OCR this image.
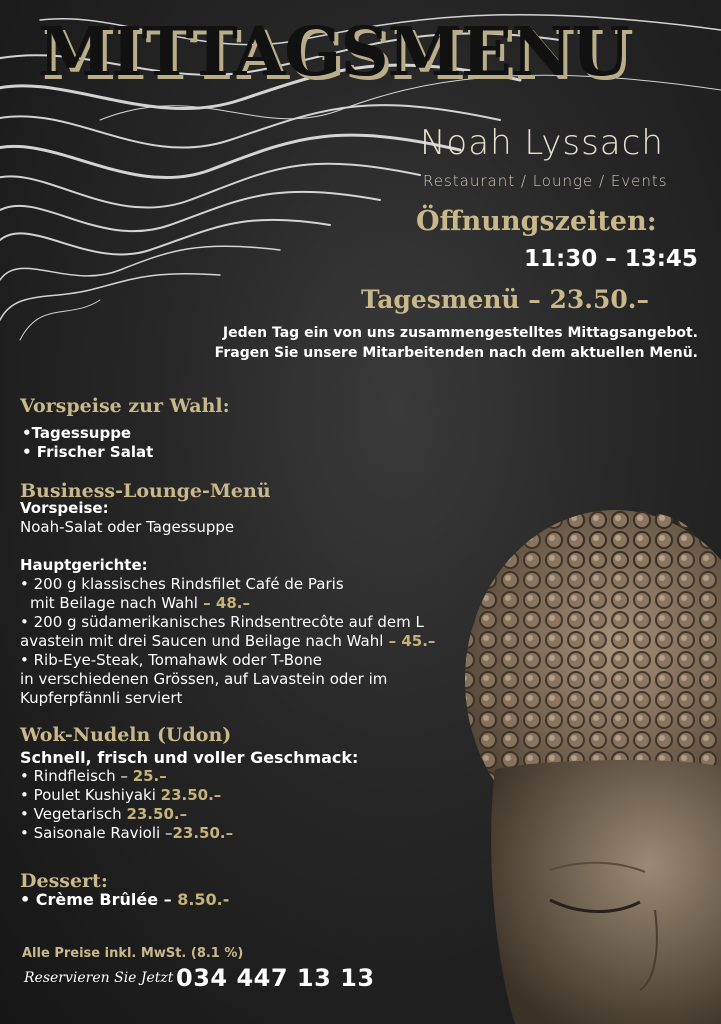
MITTAGSMENU
Noah Lyssach
Restaurant / Lounge / Events
Öffnungszeiten:
11:30 – 13:45
Tagesmenü – 23.50.–
Jeden Tag ein von uns zusammengestelltes Mittagsangebot.
Fragen Sie unsere Mitarbeitenden nach dem aktuellen Menü.
Vorspeise zur Wahl:
•Tagessuppe
• Frischer Salat
Business-Lounge-Menü
Vorspeise:
Noah-Salat oder Tagessuppe
Hauptgerichte:
• 200 g klassisches Rindsfilet Café de Paris
mit Beilage nach Wahl – 48.–
• 200 g südamerikanisches Rindsentrecôte auf dem L
avastein mit drei Saucen und Beilage nach Wahl – 45.–
• Rib-Eye-Steak, Tomahawk oder T-Bone
in verschiedenen Grössen, auf Lavastein oder im
Kupferpfännli serviert
Wok-Nudeln (Udon)
Schnell, frisch und voller Geschmack:
• Rindfleisch – 25.–
• Poulet Kushiyaki 23.50.–
• Vegetarisch 23.50.–
• Saisonale Ravioli –23.50.–
Dessert:
• Crème Brûlée – 8.50.-
Alle Preise inkl. MwSt. (8.1 %)
Reservieren Sie Jetzt 034 447 13 13
